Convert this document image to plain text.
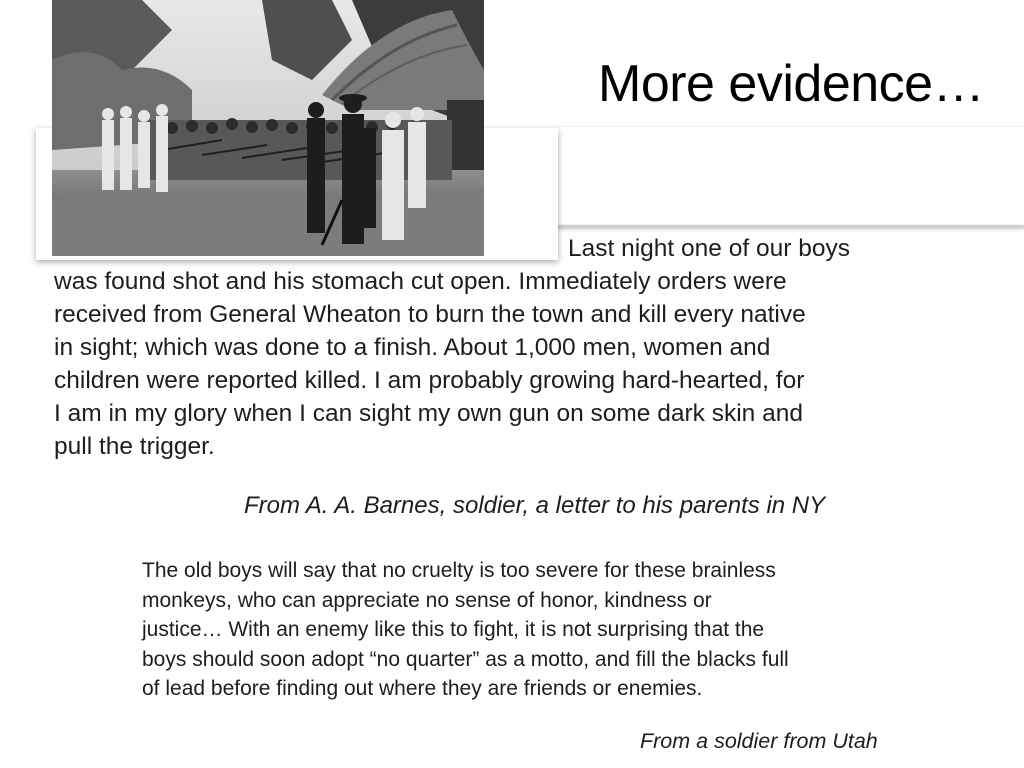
More evidence…
Last night one of our boys
was found shot and his stomach cut open. Immediately orders were
received from General Wheaton to burn the town and kill every native
in sight; which was done to a finish. About 1,000 men, women and
children were reported killed. I am probably growing hard-hearted, for
I am in my glory when I can sight my own gun on some dark skin and
pull the trigger.
From A. A. Barnes, soldier, a letter to his parents in NY
The old boys will say that no cruelty is too severe for these brainless
monkeys, who can appreciate no sense of honor, kindness or
justice… With an enemy like this to fight, it is not surprising that the
boys should soon adopt “no quarter” as a motto, and fill the blacks full
of lead before finding out where they are friends or enemies.
From a soldier from Utah
